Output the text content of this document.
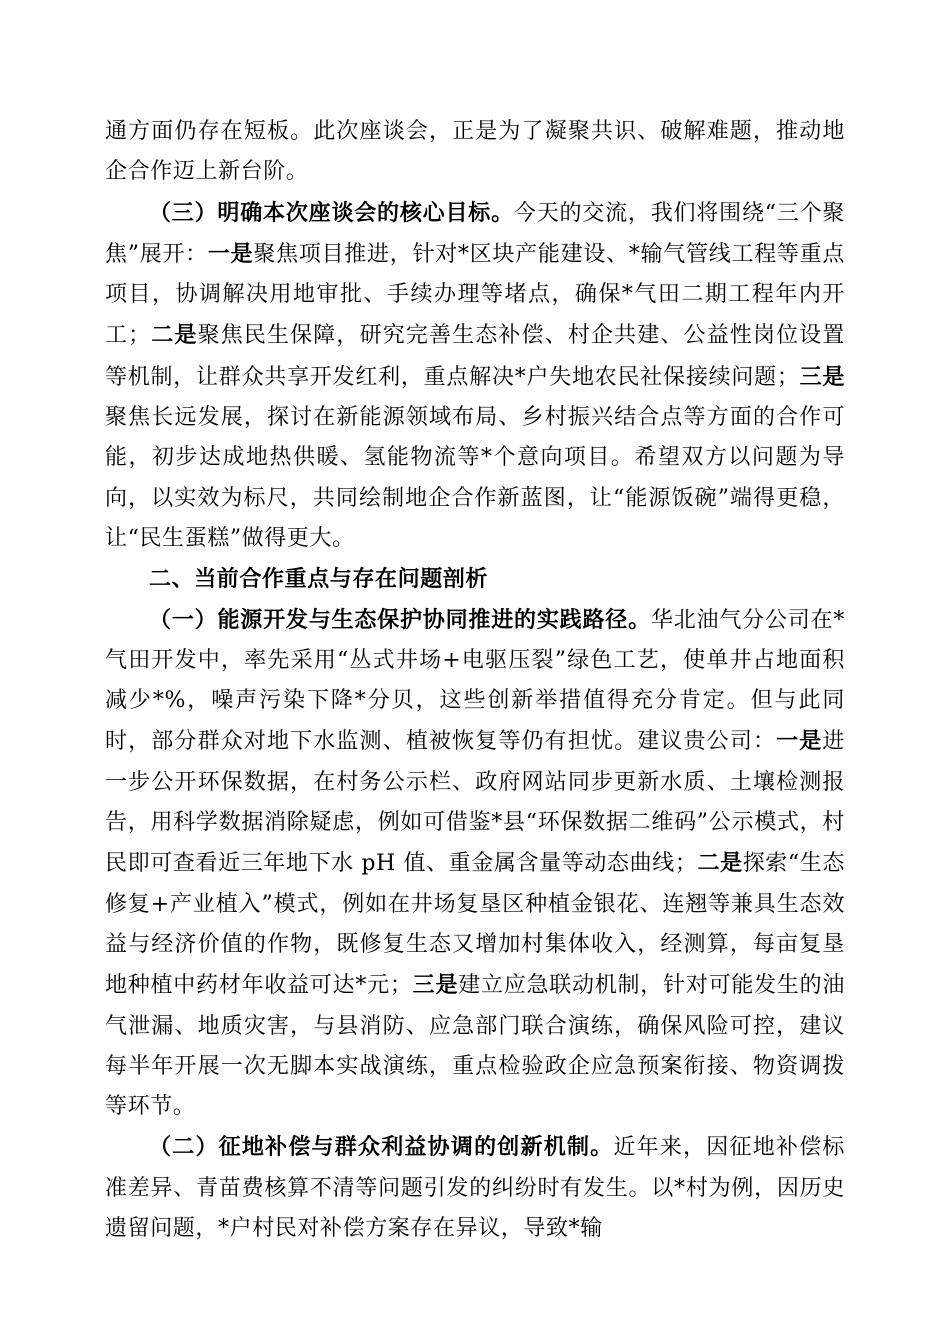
通方面仍存在短板。此次座谈会，正是为了凝聚共识、破解难题，推动地企合作迈上新台阶。

（三）明确本次座谈会的核心目标。今天的交流，我们将围绕“三个聚焦”展开：一是聚焦项目推进，针对*区块产能建设、*输气管线工程等重点项目，协调解决用地审批、手续办理等堵点，确保*气田二期工程年内开工；二是聚焦民生保障，研究完善生态补偿、村企共建、公益性岗位设置等机制，让群众共享开发红利，重点解决*户失地农民社保接续问题；三是聚焦长远发展，探讨在新能源领域布局、乡村振兴结合点等方面的合作可能，初步达成地热供暖、氢能物流等*个意向项目。希望双方以问题为导向，以实效为标尺，共同绘制地企合作新蓝图，让“能源饭碗”端得更稳，让“民生蛋糕”做得更大。

二、当前合作重点与存在问题剖析

（一）能源开发与生态保护协同推进的实践路径。华北油气分公司在*气田开发中，率先采用“丛式井场+电驱压裂”绿色工艺，使单井占地面积减少*%，噪声污染下降*分贝，这些创新举措值得充分肯定。但与此同时，部分群众对地下水监测、植被恢复等仍有担忧。建议贵公司：一是进一步公开环保数据，在村务公示栏、政府网站同步更新水质、土壤检测报告，用科学数据消除疑虑，例如可借鉴*县“环保数据二维码”公示模式，村民即可查看近三年地下水 pH 值、重金属含量等动态曲线；二是探索“生态修复+产业植入”模式，例如在井场复垦区种植金银花、连翘等兼具生态效益与经济价值的作物，既修复生态又增加村集体收入，经测算，每亩复垦地种植中药材年收益可达*元；三是建立应急联动机制，针对可能发生的油气泄漏、地质灾害，与县消防、应急部门联合演练，确保风险可控，建议每半年开展一次无脚本实战演练，重点检验政企应急预案衔接、物资调拨等环节。

（二）征地补偿与群众利益协调的创新机制。近年来，因征地补偿标准差异、青苗费核算不清等问题引发的纠纷时有发生。以*村为例，因历史遗留问题，*户村民对补偿方案存在异议，导致*输
